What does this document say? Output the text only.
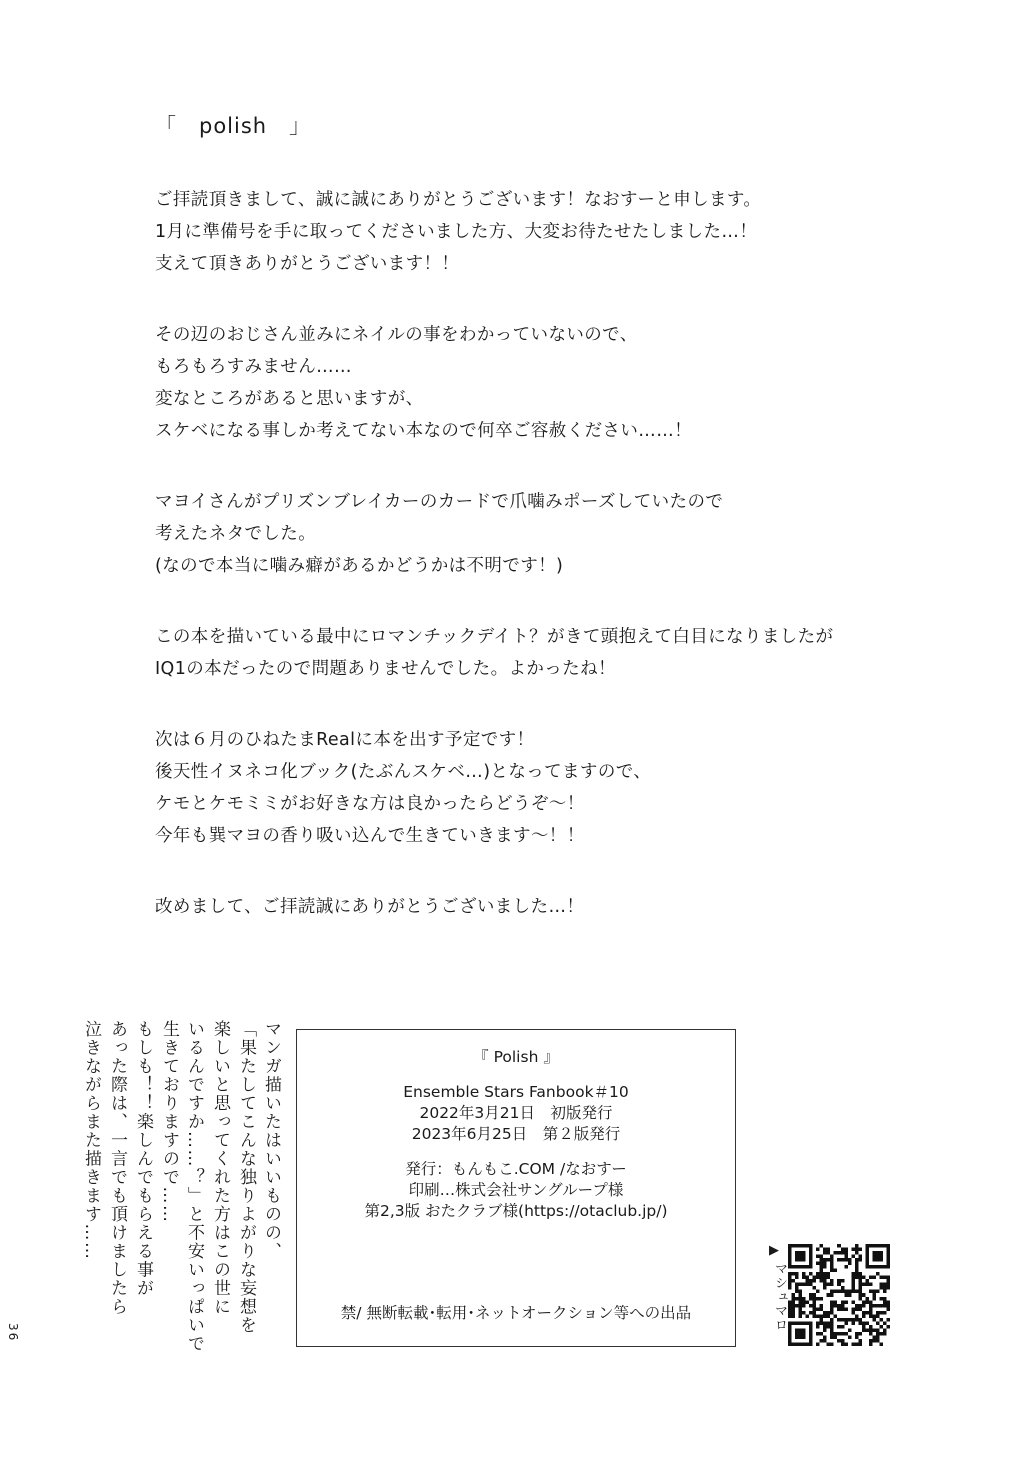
「　polish　」
ご拝読頂きまして、誠に誠にありがとうございます！なおすーと申します。
1月に準備号を手に取ってくださいました方、大変お待たせたしました…！
支えて頂きありがとうございます！！
その辺のおじさん並みにネイルの事をわかっていないので、
もろもろすみません……
変なところがあると思いますが、
スケベになる事しか考えてない本なので何卒ご容赦ください……！
マヨイさんがプリズンブレイカーのカードで爪噛みポーズしていたので
考えたネタでした。
(なので本当に噛み癖があるかどうかは不明です！)
この本を描いている最中にロマンチックデイト？がきて頭抱えて白目になりましたが
IQ1の本だったので問題ありませんでした。よかったね！
次は６月のひねたまRealに本を出す予定です！
後天性イヌネコ化ブック(たぶんスケベ…)となってますので、
ケモとケモミミがお好きな方は良かったらどうぞ〜！
今年も巽マヨの香り吸い込んで生きていきます〜！！
改めまして、ご拝読誠にありがとうございました…！
マンガ描いたはいいものの、
「果たしてこんな独りよがりな妄想を
楽しいと思ってくれた方はこの世に
いるんですか……？」と不安いっぱいで
生きておりますので……
もしも！！楽しんでもらえる事が
あった際は、一言でも頂けましたら
泣きながらまた描きます……
36
『 Polish 』
Ensemble Stars Fanbook＃10
2022年3月21日　初版発行
2023年6月25日　第２版発行
発行：もんもこ.COM /なおすー
印刷…株式会社サングループ様
第2,3版 おたクラブ様(https://otaclub.jp/)
禁/ 無断転載･転用･ネットオークション等への出品
▶
マシュマロ
